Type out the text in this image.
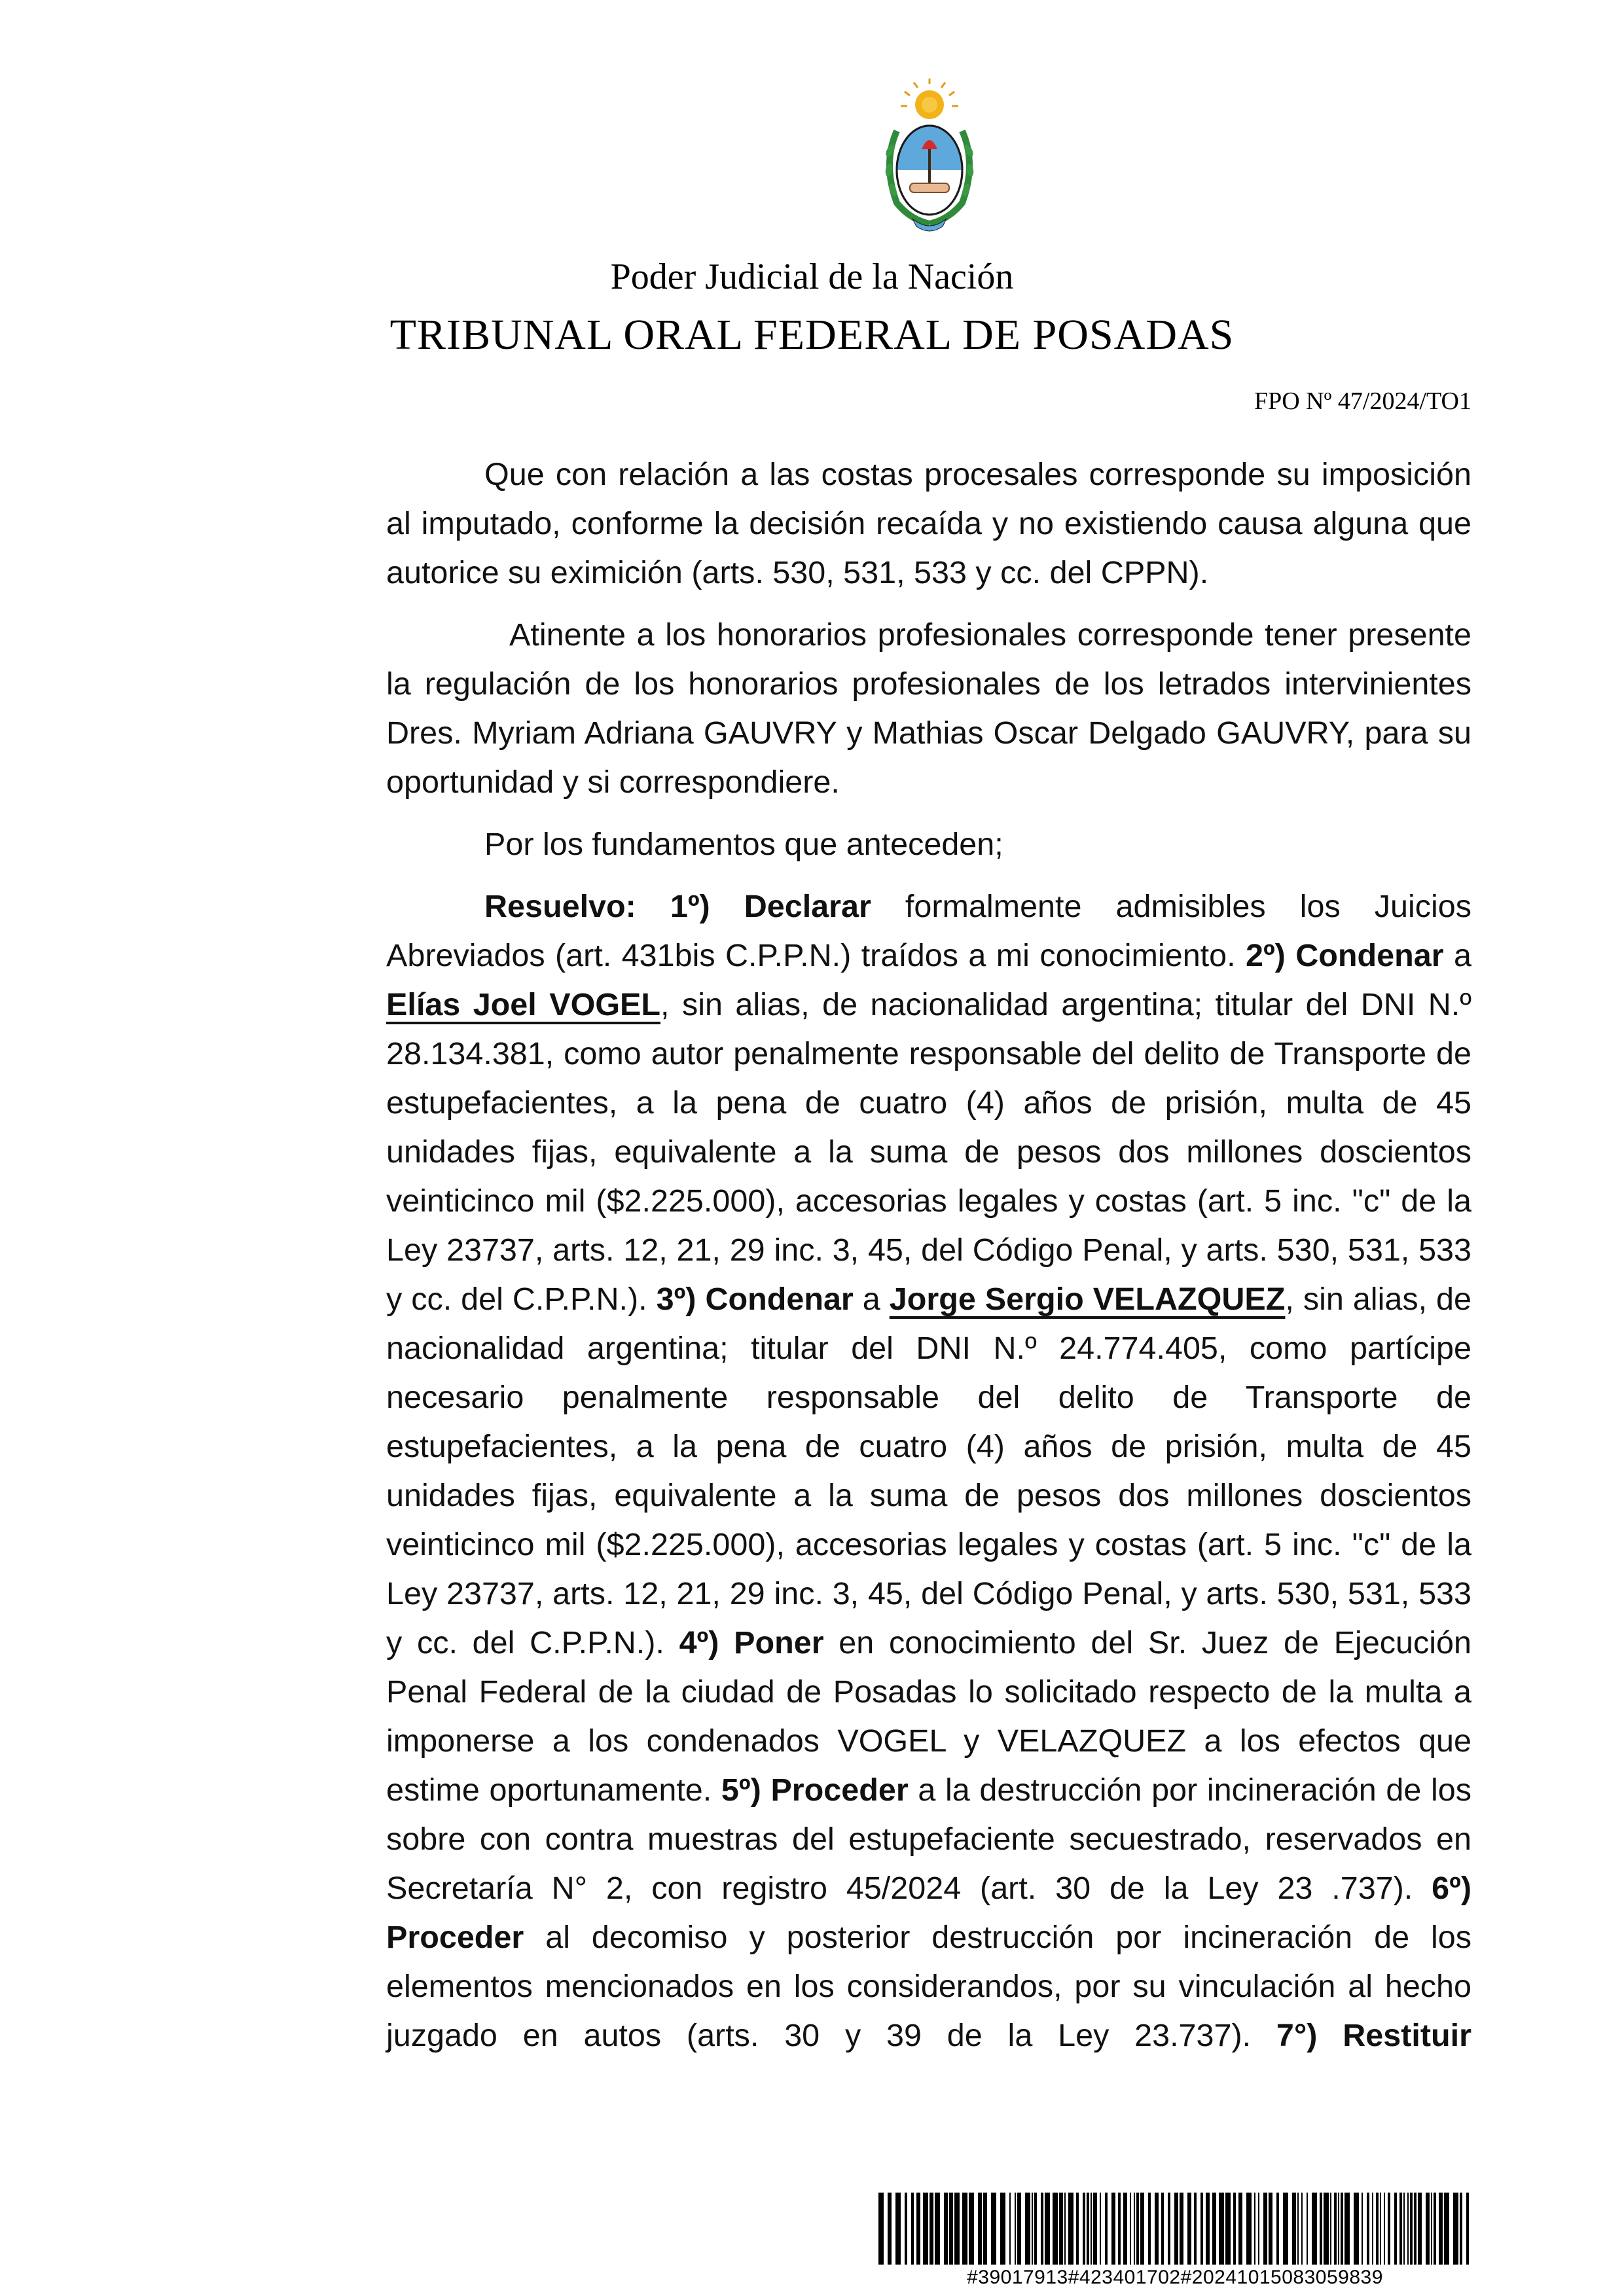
Poder Judicial de la Nación
TRIBUNAL ORAL FEDERAL DE POSADAS
FPO Nº 47/2024/TO1

Que con relación a las costas procesales corresponde su imposición al imputado, conforme la decisión recaída y no existiendo causa alguna que autorice su eximición (arts. 530, 531, 533 y cc. del CPPN).

Atinente a los honorarios profesionales corresponde tener presente la regulación de los honorarios profesionales de los letrados intervinientes Dres. Myriam Adriana GAUVRY y Mathias Oscar Delgado GAUVRY, para su oportunidad y si correspondiere.

Por los fundamentos que anteceden;

Resuelvo: 1º) Declarar formalmente admisibles los Juicios Abreviados (art. 431bis C.P.P.N.) traídos a mi conocimiento. 2º) Condenar a Elías Joel VOGEL, sin alias, de nacionalidad argentina; titular del DNI N.º 28.134.381, como autor penalmente responsable del delito de Transporte de estupefacientes, a la pena de cuatro (4) años de prisión, multa de 45 unidades fijas, equivalente a la suma de pesos dos millones doscientos veinticinco mil ($2.225.000), accesorias legales y costas (art. 5 inc. "c" de la Ley 23737, arts. 12, 21, 29 inc. 3, 45, del Código Penal, y arts. 530, 531, 533 y cc. del C.P.P.N.). 3º) Condenar a Jorge Sergio VELAZQUEZ, sin alias, de nacionalidad argentina; titular del DNI N.º 24.774.405, como partícipe necesario penalmente responsable del delito de Transporte de estupefacientes, a la pena de cuatro (4) años de prisión, multa de 45 unidades fijas, equivalente a la suma de pesos dos millones doscientos veinticinco mil ($2.225.000), accesorias legales y costas (art. 5 inc. "c" de la Ley 23737, arts. 12, 21, 29 inc. 3, 45, del Código Penal, y arts. 530, 531, 533 y cc. del C.P.P.N.). 4º) Poner en conocimiento del Sr. Juez de Ejecución Penal Federal de la ciudad de Posadas lo solicitado respecto de la multa a imponerse a los condenados VOGEL y VELAZQUEZ a los efectos que estime oportunamente. 5º) Proceder a la destrucción por incineración de los sobre con contra muestras del estupefaciente secuestrado, reservados en Secretaría N° 2, con registro 45/2024 (art. 30 de la Ley 23 .737). 6º) Proceder al decomiso y posterior destrucción por incineración de los elementos mencionados en los considerandos, por su vinculación al hecho juzgado en autos (arts. 30 y 39 de la Ley 23.737). 7°) Restituir

#39017913#423401702#20241015083059839
